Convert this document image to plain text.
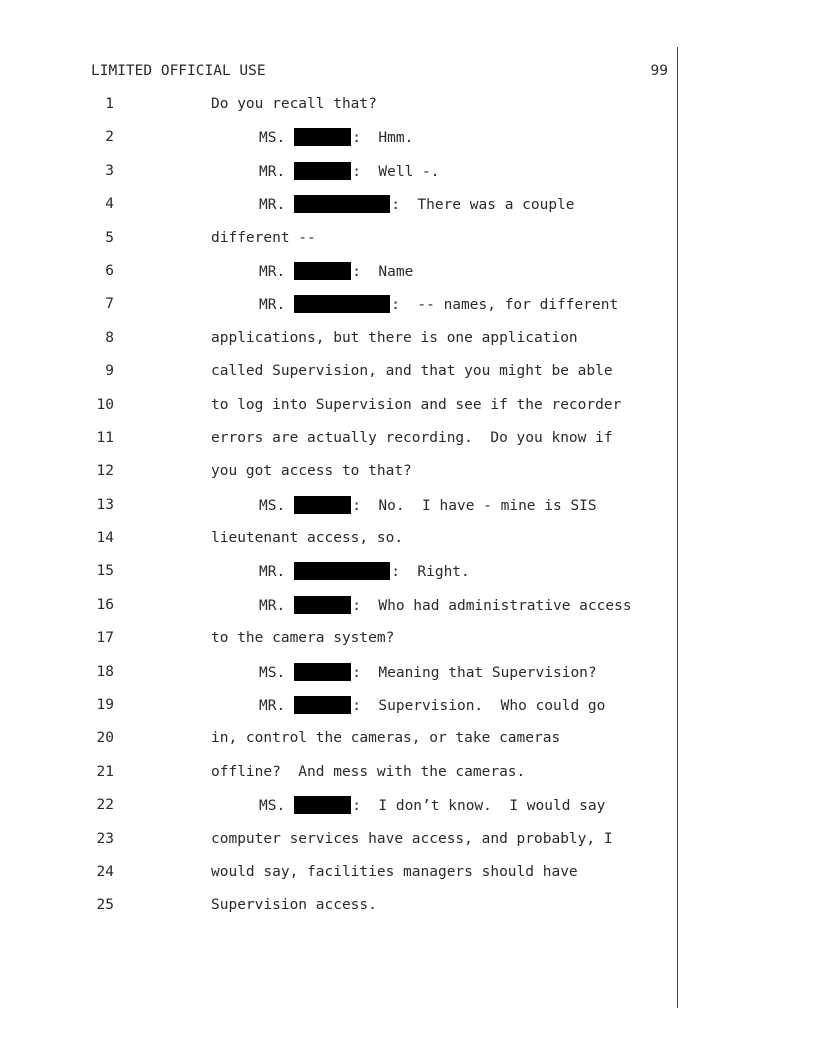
LIMITED OFFICIAL USE	99
1	Do you recall that?
2	MS.	:  Hmm.
3	MR.	:  Well -.
4	MR.	:  There was a couple
5	different --
6	MR.	:  Name
7	MR.	:  -- names, for different
8	applications, but there is one application
9	called Supervision, and that you might be able
10	to log into Supervision and see if the recorder
11	errors are actually recording.  Do you know if
12	you got access to that?
13	MS.	:  No.  I have - mine is SIS
14	lieutenant access, so.
15	MR.	:  Right.
16	MR.	:  Who had administrative access
17	to the camera system?
18	MS.	:  Meaning that Supervision?
19	MR.	:  Supervision.  Who could go
20	in, control the cameras, or take cameras
21	offline?  And mess with the cameras.
22	MS.	:  I don’t know.  I would say
23	computer services have access, and probably, I
24	would say, facilities managers should have
25	Supervision access.
